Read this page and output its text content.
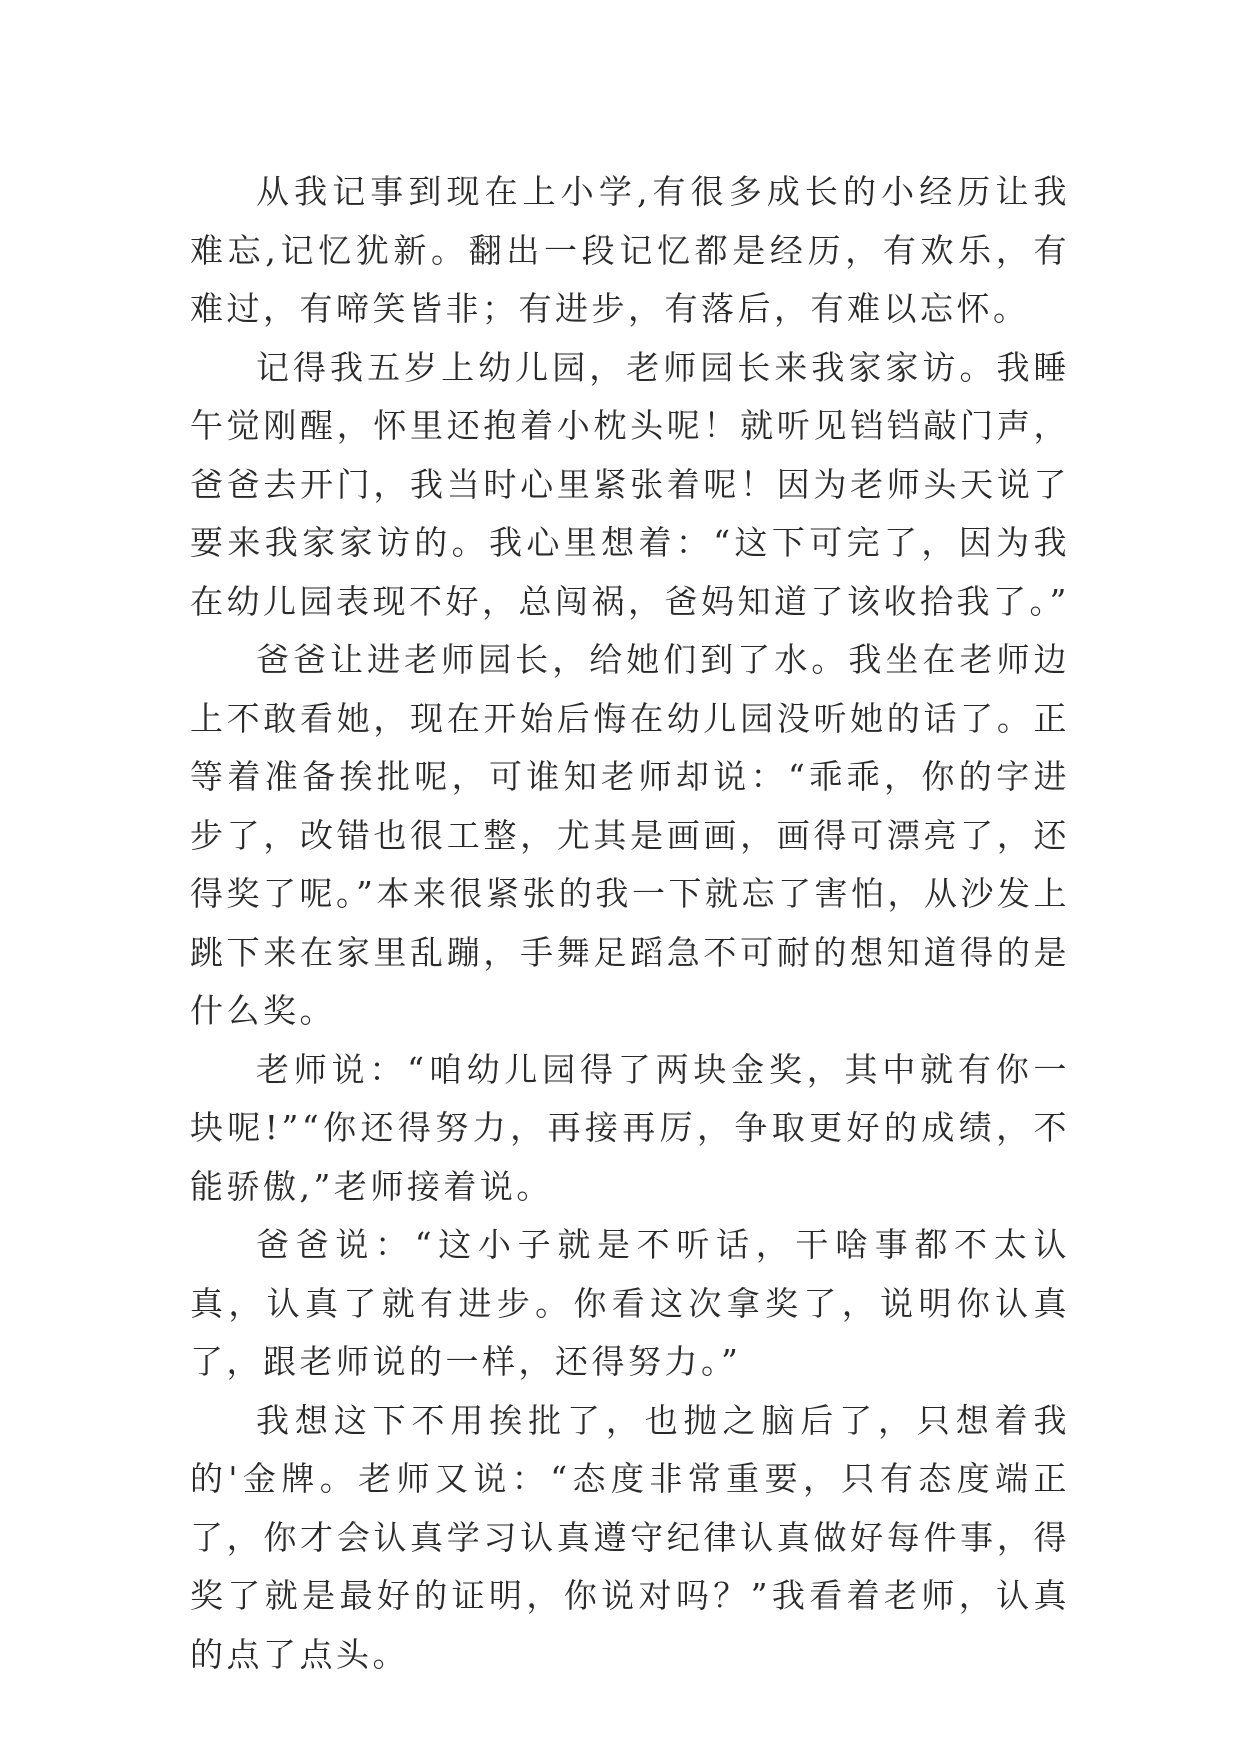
从我记事到现在上小学,有很多成长的小经历让我难忘,记忆犹新。翻出一段记忆都是经历，有欢乐，有难过，有啼笑皆非；有进步，有落后，有难以忘怀。

记得我五岁上幼儿园，老师园长来我家家访。我睡午觉刚醒，怀里还抱着小枕头呢！就听见铛铛敲门声，爸爸去开门，我当时心里紧张着呢！因为老师头天说了要来我家家访的。我心里想着：“这下可完了，因为我在幼儿园表现不好，总闯祸，爸妈知道了该收拾我了。”

爸爸让进老师园长，给她们到了水。我坐在老师边上不敢看她，现在开始后悔在幼儿园没听她的话了。正等着准备挨批呢，可谁知老师却说：“乖乖，你的字进步了，改错也很工整，尤其是画画，画得可漂亮了，还得奖了呢。”本来很紧张的我一下就忘了害怕，从沙发上跳下来在家里乱蹦，手舞足蹈急不可耐的想知道得的是什么奖。

老师说：“咱幼儿园得了两块金奖，其中就有你一块呢!”“你还得努力，再接再厉，争取更好的成绩，不能骄傲,”老师接着说。

爸爸说：“这小子就是不听话，干啥事都不太认真，认真了就有进步。你看这次拿奖了，说明你认真了，跟老师说的一样，还得努力。”

我想这下不用挨批了，也抛之脑后了，只想着我的'金牌。老师又说：“态度非常重要，只有态度端正了，你才会认真学习认真遵守纪律认真做好每件事，得奖了就是最好的证明，你说对吗？”我看着老师，认真的点了点头。
